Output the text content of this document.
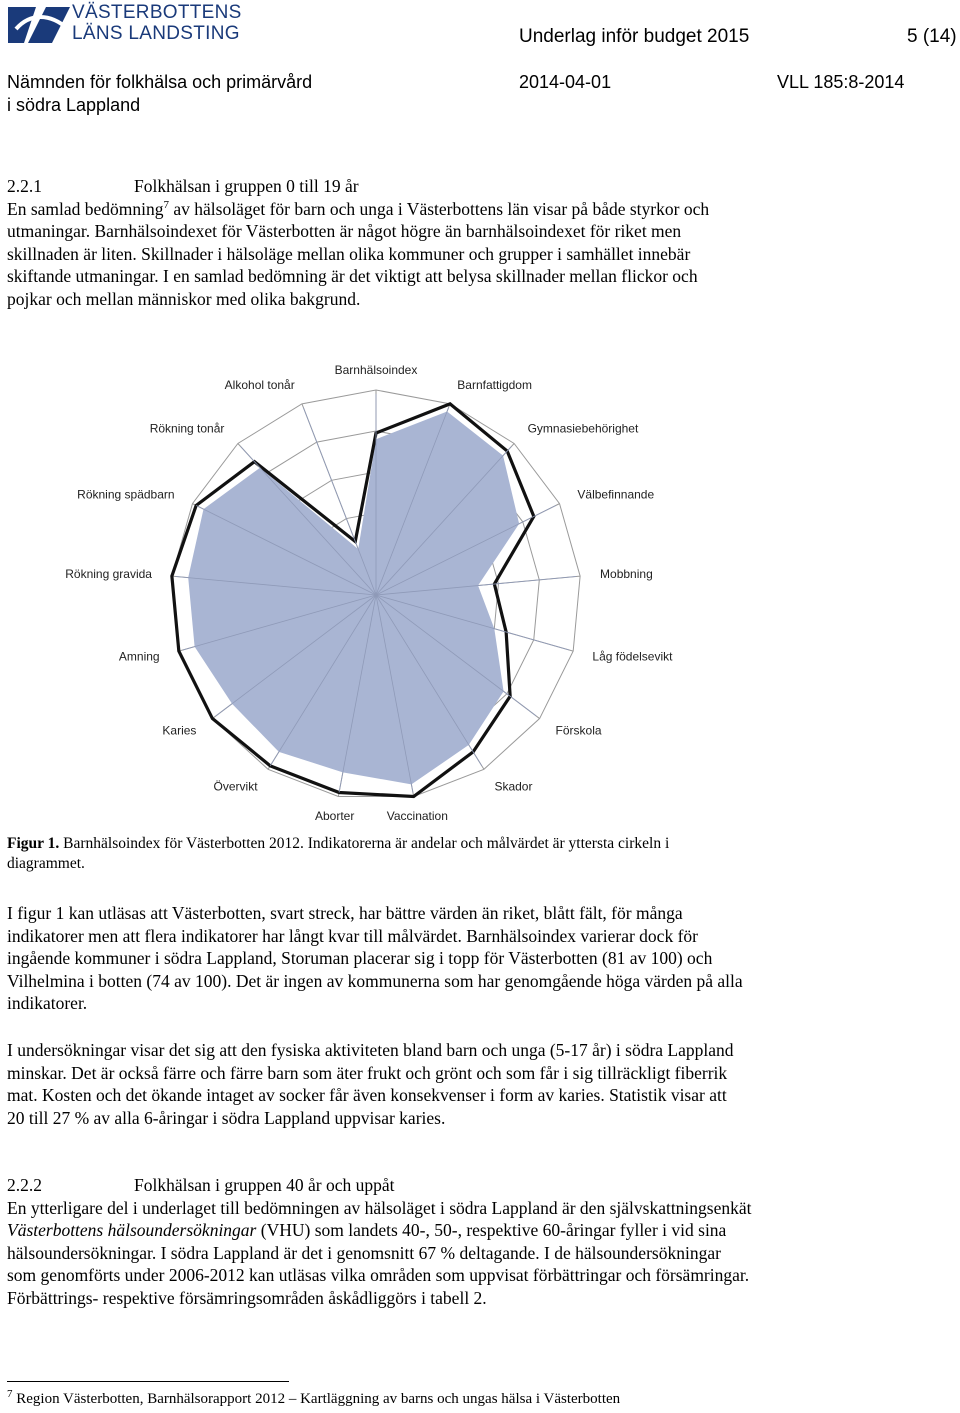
VÄSTERBOTTENS
LÄNS LANDSTING	Underlag inför budget 2015	5 (14)
Nämnden för folkhälsa och primärvård
i södra Lappland
2014-04-01	VLL 185:8-2014
2.2.1	Folkhälsan i gruppen 0 till 19 år
En samlad bedömning$^7$ av hälsoläget för barn och unga i Västerbottens län visar på både styrkor och utmaningar. Barnhälsoindexet för Västerbotten är något högre än barnhälsoindexet för riket men skillnaden är liten. Skillnader i hälsoläge mellan olika kommuner och grupper i samhället innebär skiftande utmaningar. I en samlad bedömning är det viktigt att belysa skillnader mellan flickor och pojkar och mellan människor med olika bakgrund.
Barnhälsoindex
Barnfattigdom
Gymnasiebehörighet
Välbefinnande
Mobbning
Låg födelsevikt
Förskola
Skador
Vaccination
Aborter
Övervikt
Karies
Amning
Rökning gravida
Rökning spädbarn
Rökning tonår
Alkohol tonår
Figur 1. Barnhälsoindex för Västerbotten 2012. Indikatorerna är andelar och målvärdet är yttersta cirkeln i diagrammet.
I figur 1 kan utläsas att Västerbotten, svart streck, har bättre värden än riket, blått fält, för många indikatorer men att flera indikatorer har långt kvar till målvärdet. Barnhälsoindex varierar dock för ingående kommuner i södra Lappland, Storuman placerar sig i topp för Västerbotten (81 av 100) och Vilhelmina i botten (74 av 100). Det är ingen av kommunerna som har genomgående höga värden på alla indikatorer.
I undersökningar visar det sig att den fysiska aktiviteten bland barn och unga (5-17 år) i södra Lappland minskar. Det är också färre och färre barn som äter frukt och grönt och som får i sig tillräckligt fiberrik mat. Kosten och det ökande intaget av socker får även konsekvenser i form av karies. Statistik visar att 20 till 27 % av alla 6-åringar i södra Lappland uppvisar karies.
2.2.2	Folkhälsan i gruppen 40 år och uppåt
En ytterligare del i underlaget till bedömningen av hälsoläget i södra Lappland är den självskattningsenkät Västerbottens hälsoundersökningar (VHU) som landets 40-, 50-, respektive 60-åringar fyller i vid sina hälsoundersökningar. I södra Lappland är det i genomsnitt 67 % deltagande. I de hälsoundersökningar som genomförts under 2006-2012 kan utläsas vilka områden som uppvisat förbättringar och försämringar. Förbättrings- respektive försämringsområden åskådliggörs i tabell 2.
$^7$ Region Västerbotten, Barnhälsorapport 2012 – Kartläggning av barns och ungas hälsa i Västerbotten
